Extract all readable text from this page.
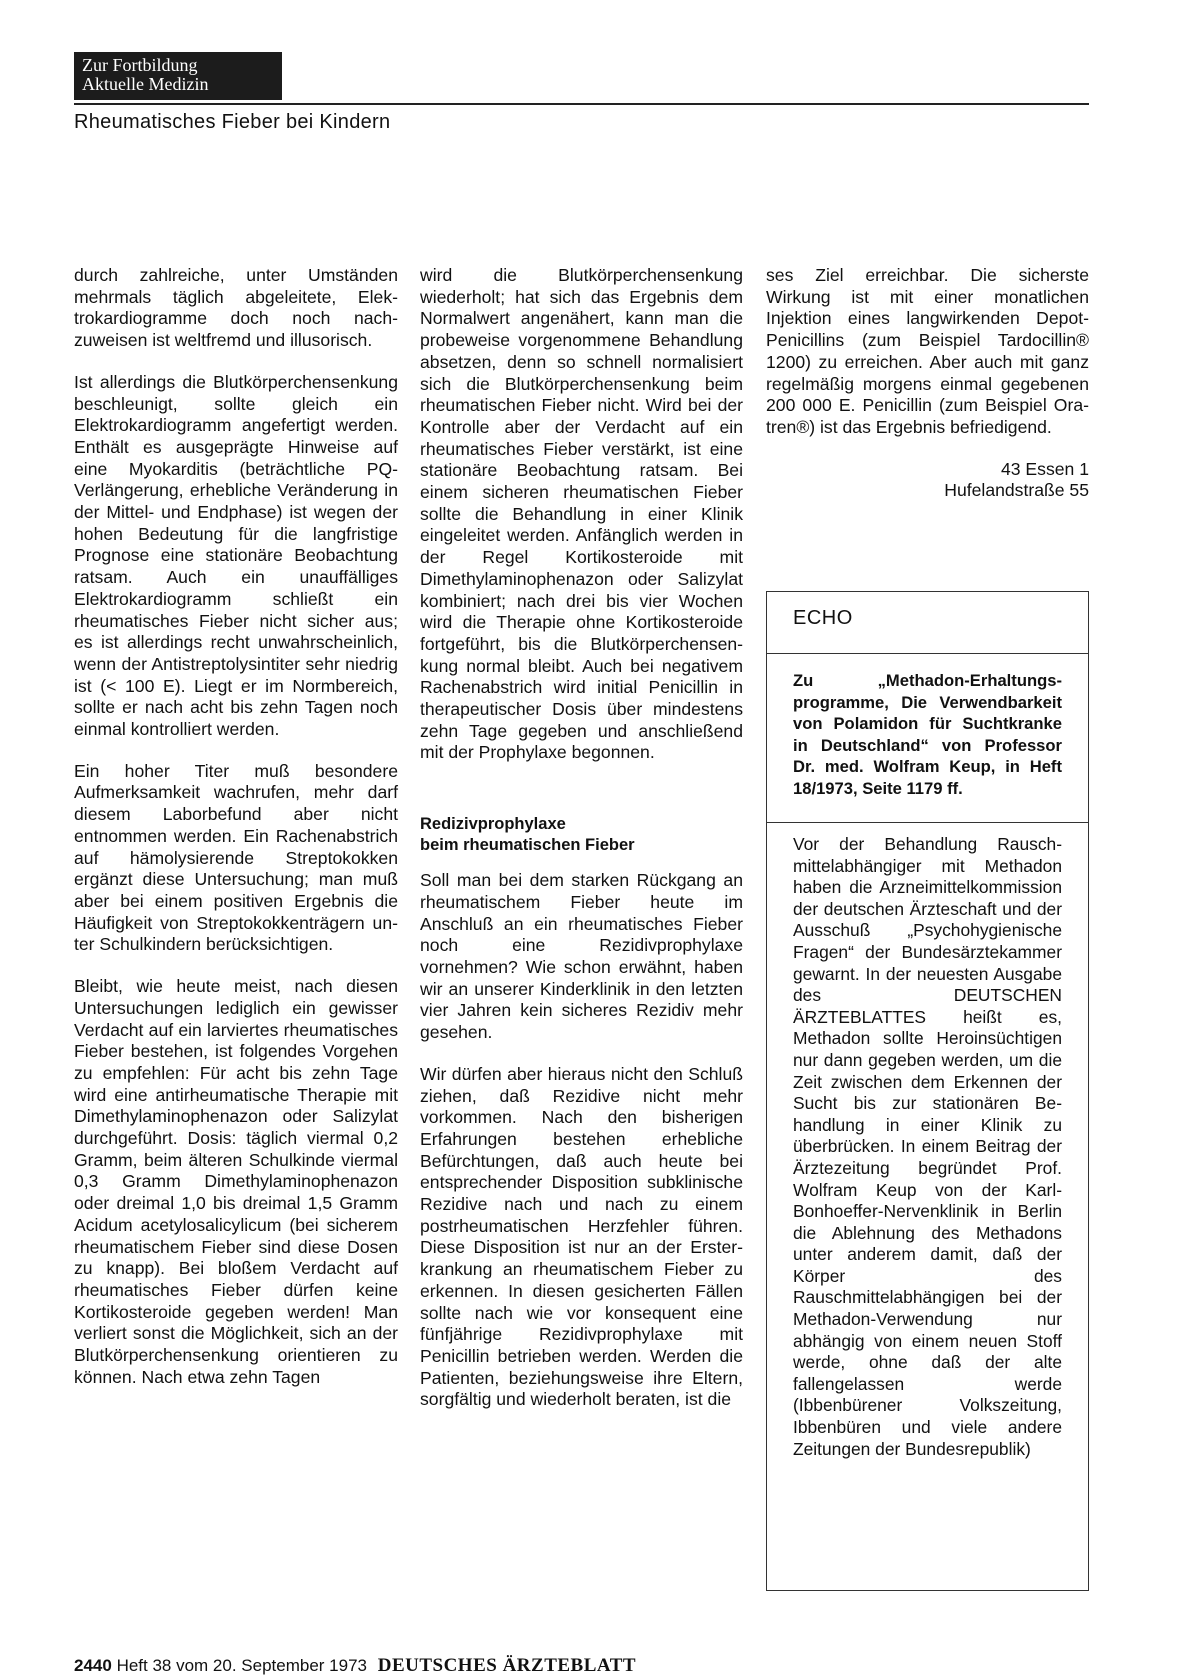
Zur Fortbildung
Aktuelle Medizin
Rheumatisches Fieber bei Kindern

durch zahlreiche, unter Umständen mehrmals täglich abgeleitete, Elektrokardiogramme doch noch nachzuweisen ist weltfremd und illusorisch.

Ist allerdings die Blutkörperchensenkung beschleunigt, sollte gleich ein Elektrokardiogramm angefertigt werden. Enthält es ausgeprägte Hinweise auf eine Myokarditis (beträchtliche PQ-Verlängerung, erhebliche Veränderung in der Mittel- und Endphase) ist wegen der hohen Bedeutung für die langfristige Prognose eine stationäre Beobachtung ratsam. Auch ein unauffälliges Elektrokardiogramm schließt ein rheumatisches Fieber nicht sicher aus; es ist allerdings recht unwahrscheinlich, wenn der Antistreptolysintiter sehr niedrig ist (< 100 E). Liegt er im Normbereich, sollte er nach acht bis zehn Tagen noch einmal kontrolliert werden.

Ein hoher Titer muß besondere Aufmerksamkeit wachrufen, mehr darf diesem Laborbefund aber nicht entnommen werden. Ein Rachenabstrich auf hämolysierende Streptokokken ergänzt diese Untersuchung; man muß aber bei einem positiven Ergebnis die Häufigkeit von Streptokokkenträgern unter Schulkindern berücksichtigen.

Bleibt, wie heute meist, nach diesen Untersuchungen lediglich ein gewisser Verdacht auf ein larviertes rheumatisches Fieber bestehen, ist folgendes Vorgehen zu empfehlen: Für acht bis zehn Tage wird eine antirheumatische Therapie mit Dimethylaminophenazon oder Salizylat durchgeführt. Dosis: täglich viermal 0,2 Gramm, beim älteren Schulkinde viermal 0,3 Gramm Dimethylaminophenazon oder dreimal 1,0 bis dreimal 1,5 Gramm Acidum acetylosalicylicum (bei sicherem rheumatischem Fieber sind diese Dosen zu knapp). Bei bloßem Verdacht auf rheumatisches Fieber dürfen keine Kortikosteroide gegeben werden! Man verliert sonst die Möglichkeit, sich an der Blutkörperchensenkung orientieren zu können. Nach etwa zehn Tagen

wird die Blutkörperchensenkung wiederholt; hat sich das Ergebnis dem Normalwert angenähert, kann man die probeweise vorgenommene Behandlung absetzen, denn so schnell normalisiert sich die Blutkörperchensenkung beim rheumatischen Fieber nicht. Wird bei der Kontrolle aber der Verdacht auf ein rheumatisches Fieber verstärkt, ist eine stationäre Beobachtung ratsam. Bei einem sicheren rheumatischen Fieber sollte die Behandlung in einer Klinik eingeleitet werden. Anfänglich werden in der Regel Kortikosteroide mit Dimethylaminophenazon oder Salizylat kombiniert; nach drei bis vier Wochen wird die Therapie ohne Kortikosteroide fortgeführt, bis die Blutkörperchensenkung normal bleibt. Auch bei negativem Rachenabstrich wird initial Penicillin in therapeutischer Dosis über mindestens zehn Tage gegeben und anschließend mit der Prophylaxe begonnen.

Redizivprophylaxe
beim rheumatischen Fieber

Soll man bei dem starken Rückgang an rheumatischem Fieber heute im Anschluß an ein rheumatisches Fieber noch eine Rezidivprophylaxe vornehmen? Wie schon erwähnt, haben wir an unserer Kinderklinik in den letzten vier Jahren kein sicheres Rezidiv mehr gesehen.

Wir dürfen aber hieraus nicht den Schluß ziehen, daß Rezidive nicht mehr vorkommen. Nach den bisherigen Erfahrungen bestehen erhebliche Befürchtungen, daß auch heute bei entsprechender Disposition subklinische Rezidive nach und nach zu einem postrheumatischen Herzfehler führen. Diese Disposition ist nur an der Ersterkrankung an rheumatischem Fieber zu erkennen. In diesen gesicherten Fällen sollte nach wie vor konsequent eine fünfjährige Rezidivprophylaxe mit Penicillin betrieben werden. Werden die Patienten, beziehungsweise ihre Eltern, sorgfältig und wiederholt beraten, ist die

ses Ziel erreichbar. Die sicherste Wirkung ist mit einer monatlichen Injektion eines langwirkenden Depot-Penicillins (zum Beispiel Tardocillin® 1200) zu erreichen. Aber auch mit ganz regelmäßig morgens einmal gegebenen 200 000 E. Penicillin (zum Beispiel Oratren®) ist das Ergebnis befriedigend.

43 Essen 1
Hufelandstraße 55

ECHO
Zu „Methadon-Erhaltungsprogramme, Die Verwendbarkeit von Polamidon für Suchtkranke in Deutschland“ von Professor Dr. med. Wolfram Keup, in Heft 18/1973, Seite 1179 ff.
Vor der Behandlung Rauschmittelabhängiger mit Methadon haben die Arzneimittelkommission der deutschen Ärzteschaft und der Ausschuß „Psychohygienische Fragen“ der Bundesärztekammer gewarnt. In der neuesten Ausgabe des DEUTSCHEN ÄRZTEBLATTES heißt es, Methadon sollte Heroinsüchtigen nur dann gegeben werden, um die Zeit zwischen dem Erkennen der Sucht bis zur stationären Behandlung in einer Klinik zu überbrücken. In einem Beitrag der Ärztezeitung begründet Prof. Wolfram Keup von der Karl-Bonhoeffer-Nervenklinik in Berlin die Ablehnung des Methadons unter anderem damit, daß der Körper des Rauschmittelabhängigen bei der Methadon-Verwendung nur abhängig von einem neuen Stoff werde, ohne daß der alte fallengelassen werde (Ibbenbürener Volkszeitung, Ibbenbüren und viele andere Zeitungen der Bundesrepublik)
2440 Heft 38 vom 20. September 1973 DEUTSCHES ÄRZTEBLATT
